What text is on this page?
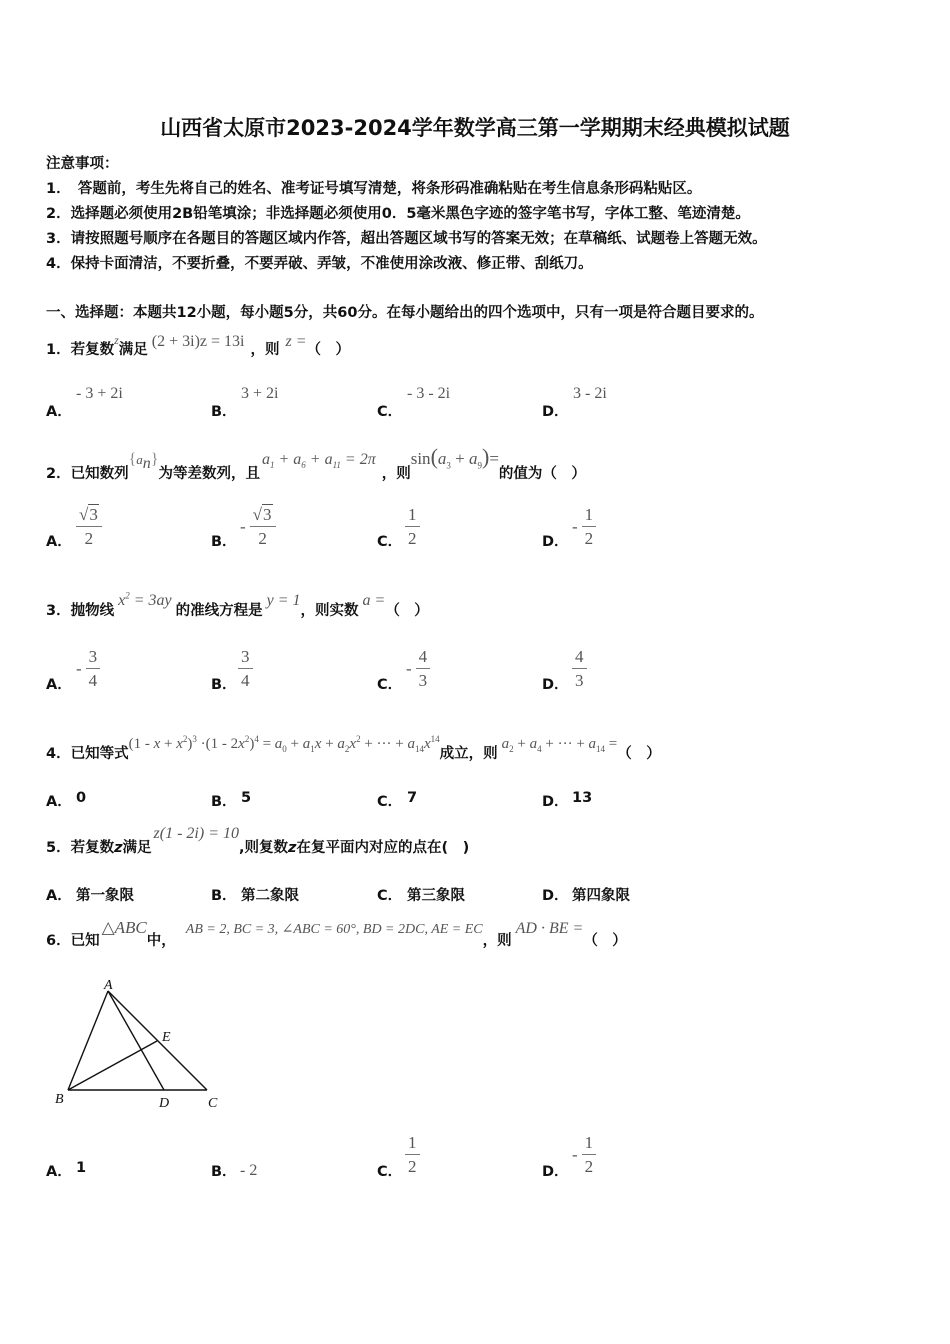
山西省太原市2023-2024学年数学高三第一学期期末经典模拟试题
注意事项：
1．　答题前，考生先将自己的姓名、准考证号填写清楚，将条形码准确粘贴在考生信息条形码粘贴区。
2．选择题必须使用2B铅笔填涂；非选择题必须使用0．5毫米黑色字迹的签字笔书写，字体工整、笔迹清楚。
3．请按照题号顺序在各题目的答题区域内作答，超出答题区域书写的答案无效；在草稿纸、试题卷上答题无效。
4．保持卡面清洁，不要折叠，不要弄破、弄皱，不准使用涂改液、修正带、刮纸刀。
一、选择题：本题共12小题，每小题5分，共60分。在每小题给出的四个选项中，只有一项是符合题目要求的。
1．若复数z满足 (2 + 3i)z = 13i ，则 z =（　）
A．
- 3 + 2i
B．
3 + 2i
C．
- 3 - 2i
D．
3 - 2i
2．已知数列$\{a_n\}$为等差数列，且$a_1 + a_6 + a_{11} = 2\pi$，则$\sin(a_3 + a_9)=$的值为（　）
A． $\frac{√3}{2}$	B．
- $\frac{√3}{2}$	C． $\frac{1}{2}$	D．
- $\frac{1}{2}$
3．抛物线$x^2 = 3ay$的准线方程是y = 1，则实数a =（　）
A．
- $\frac{3}{4}$	B． $\frac{3}{4}$	C．
- $\frac{4}{3}$	D． $\frac{4}{3}$
4．已知等式$(1 - x + x^2)^3 \cdot(1 - 2x^2)^4 = a_0 + a_1x + a_2x^2$ + ··· + $a_{14}x^{14}$成立，则$a_2 + a_4$ + ··· + $a_{14}$ =（　）
A． 0	B． 5	C． 7	D． 13
5．若复数z满足z(1 - 2i) = 10,则复数z在复平面内对应的点在(　)
A． 第一象限	B． 第二象限	C． 第三象限	D． 第四象限
6．已知△ABC中，AB = 2, BC = 3, ∠ABC = 60°, BD = 2DC, AE = EC，则AD · BE =（　）
A
B	D	C
E
A． 1	B． - 2	C． $\frac{1}{2}$	D．
- $\frac{1}{2}$
